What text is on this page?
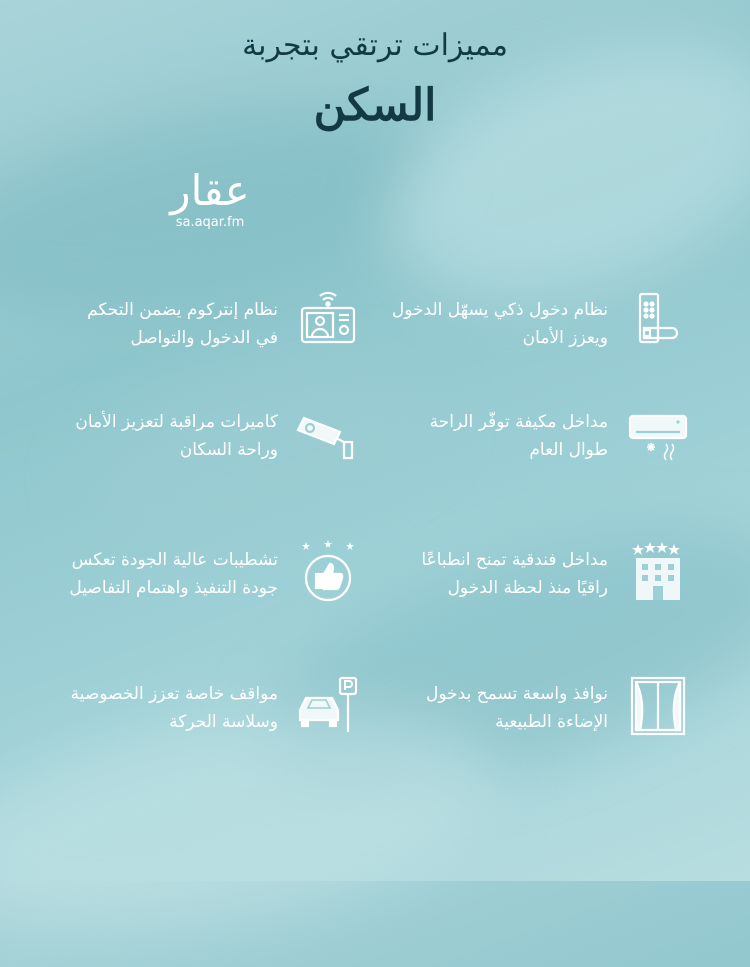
مميزات ترتقي بتجربة
السكن
عقار
sa.aqar.fm
نظام دخول ذكي يسهّل الدخول
ويعزز الأمان
نظام إنتركوم يضمن التحكم
في الدخول والتواصل
مداخل مكيفة توفّر الراحة
طوال العام
كاميرات مراقبة لتعزيز الأمان
وراحة السكان
مداخل فندقية تمنح انطباعًا
راقيًا منذ لحظة الدخول
تشطيبات عالية الجودة تعكس
جودة التنفيذ واهتمام التفاصيل
نوافذ واسعة تسمح بدخول
الإضاءة الطبيعية
مواقف خاصة تعزز الخصوصية
وسلاسة الحركة
